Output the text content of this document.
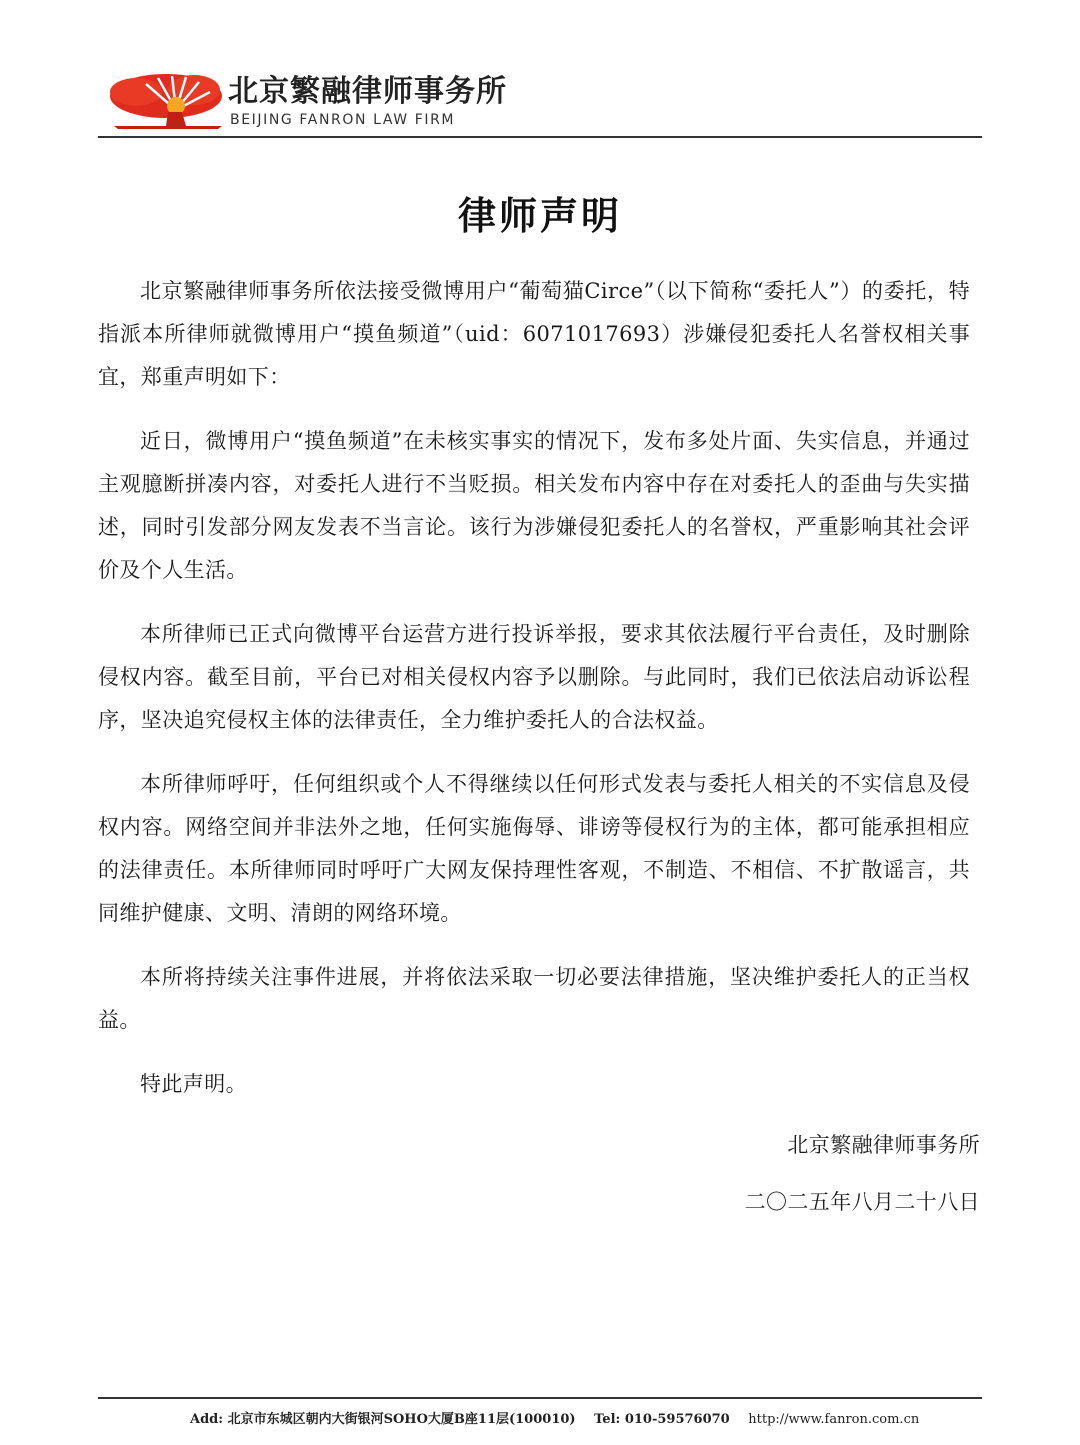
北京繁融律师事务所
BEIJING FANRON LAW FIRM
律师声明

北京繁融律师事务所依法接受微博用户“葡萄猫Circe”（以下简称“委托人”）的委托，特指派本所律师就微博用户“摸鱼频道”（uid：6071017693）涉嫌侵犯委托人名誉权相关事宜，郑重声明如下：

近日，微博用户“摸鱼频道”在未核实事实的情况下，发布多处片面、失实信息，并通过主观臆断拼凑内容，对委托人进行不当贬损。相关发布内容中存在对委托人的歪曲与失实描述，同时引发部分网友发表不当言论。该行为涉嫌侵犯委托人的名誉权，严重影响其社会评价及个人生活。

本所律师已正式向微博平台运营方进行投诉举报，要求其依法履行平台责任，及时删除侵权内容。截至目前，平台已对相关侵权内容予以删除。与此同时，我们已依法启动诉讼程序，坚决追究侵权主体的法律责任，全力维护委托人的合法权益。

本所律师呼吁，任何组织或个人不得继续以任何形式发表与委托人相关的不实信息及侵权内容。网络空间并非法外之地，任何实施侮辱、诽谤等侵权行为的主体，都可能承担相应的法律责任。本所律师同时呼吁广大网友保持理性客观，不制造、不相信、不扩散谣言，共同维护健康、文明、清朗的网络环境。

本所将持续关注事件进展，并将依法采取一切必要法律措施，坚决维护委托人的正当权益。

特此声明。

北京繁融律师事务所
二〇二五年八月二十八日
Add: 北京市东城区朝内大街银河SOHO大厦B座11层(100010) Tel: 010-59576070 http://www.fanron.com.cn
